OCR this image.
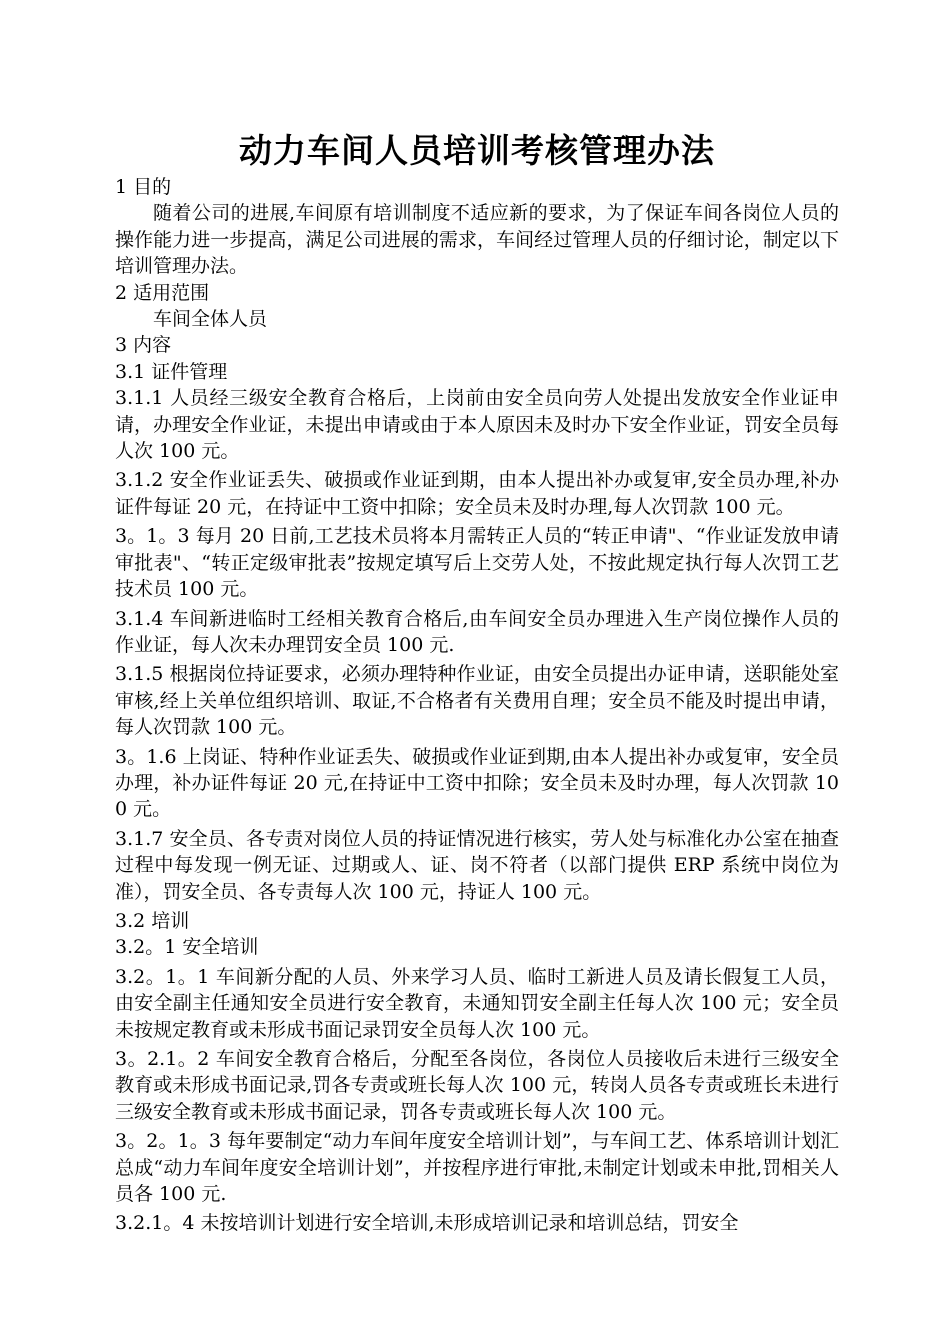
动力车间人员培训考核管理办法

1 目的

随着公司的进展,车间原有培训制度不适应新的要求，为了保证车间各岗位人员的操作能力进一步提高，满足公司进展的需求，车间经过管理人员的仔细讨论，制定以下培训管理办法。

2 适用范围

车间全体人员

3 内容

3.1 证件管理

3.1.1 人员经三级安全教育合格后，上岗前由安全员向劳人处提出发放安全作业证申请，办理安全作业证，未提出申请或由于本人原因未及时办下安全作业证，罚安全员每人次 100 元。

3.1.2 安全作业证丢失、破损或作业证到期，由本人提出补办或复审,安全员办理,补办证件每证 20 元，在持证中工资中扣除；安全员未及时办理,每人次罚款 100 元。

3。1。3 每月 20 日前,工艺技术员将本月需转正人员的“转正申请"、“作业证发放申请审批表"、“转正定级审批表”按规定填写后上交劳人处，不按此规定执行每人次罚工艺技术员 100 元。

3.1.4 车间新进临时工经相关教育合格后,由车间安全员办理进入生产岗位操作人员的作业证，每人次未办理罚安全员 100 元.

3.1.5 根据岗位持证要求，必须办理特种作业证，由安全员提出办证申请，送职能处室审核,经上关单位组织培训、取证,不合格者有关费用自理；安全员不能及时提出申请，每人次罚款 100 元。

3。1.6 上岗证、特种作业证丢失、破损或作业证到期,由本人提出补办或复审，安全员办理，补办证件每证 20 元,在持证中工资中扣除；安全员未及时办理，每人次罚款 100 元。

3.1.7 安全员、各专责对岗位人员的持证情况进行核实，劳人处与标准化办公室在抽查过程中每发现一例无证、过期或人、证、岗不符者（以部门提供 ERP 系统中岗位为准），罚安全员、各专责每人次 100 元，持证人 100 元。

3.2 培训

3.2。1 安全培训

3.2。1。1 车间新分配的人员、外来学习人员、临时工新进人员及请长假复工人员，由安全副主任通知安全员进行安全教育，未通知罚安全副主任每人次 100 元；安全员未按规定教育或未形成书面记录罚安全员每人次 100 元。

3。2.1。2 车间安全教育合格后，分配至各岗位，各岗位人员接收后未进行三级安全教育或未形成书面记录,罚各专责或班长每人次 100 元，转岗人员各专责或班长未进行三级安全教育或未形成书面记录，罚各专责或班长每人次 100 元。

3。2。1。3 每年要制定“动力车间年度安全培训计划”，与车间工艺、体系培训计划汇总成“动力车间年度安全培训计划”，并按程序进行审批,未制定计划或未申批,罚相关人员各 100 元.

3.2.1。4 未按培训计划进行安全培训,未形成培训记录和培训总结，罚安全
